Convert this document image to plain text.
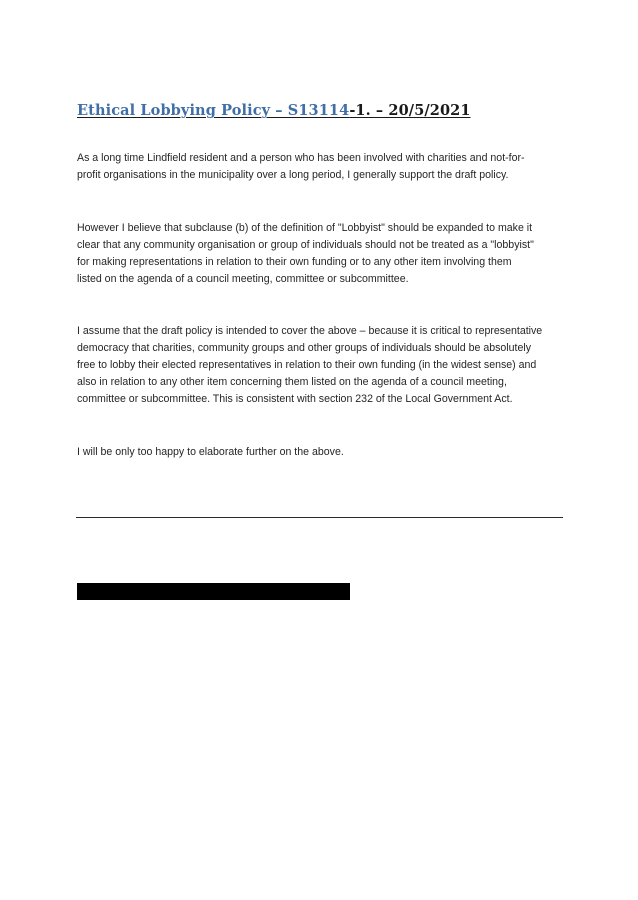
Ethical Lobbying Policy – S13114-1. – 20/5/2021

As a long time Lindfield resident and a person who has been involved with charities and not-for-
profit organisations in the municipality over a long period, I generally support the draft policy.

However I believe that subclause (b) of the definition of "Lobbyist" should be expanded to make it
clear that any community organisation or group of individuals should not be treated as a "lobbyist"
for making representations in relation to their own funding or to any other item involving them
listed on the agenda of a council meeting, committee or subcommittee.

I assume that the draft policy is intended to cover the above – because it is critical to representative
democracy that charities, community groups and other groups of individuals should be absolutely
free to lobby their elected representatives in relation to their own funding (in the widest sense) and
also in relation to any other item concerning them listed on the agenda of a council meeting,
committee or subcommittee. This is consistent with section 232 of the Local Government Act.

I will be only too happy to elaborate further on the above.
